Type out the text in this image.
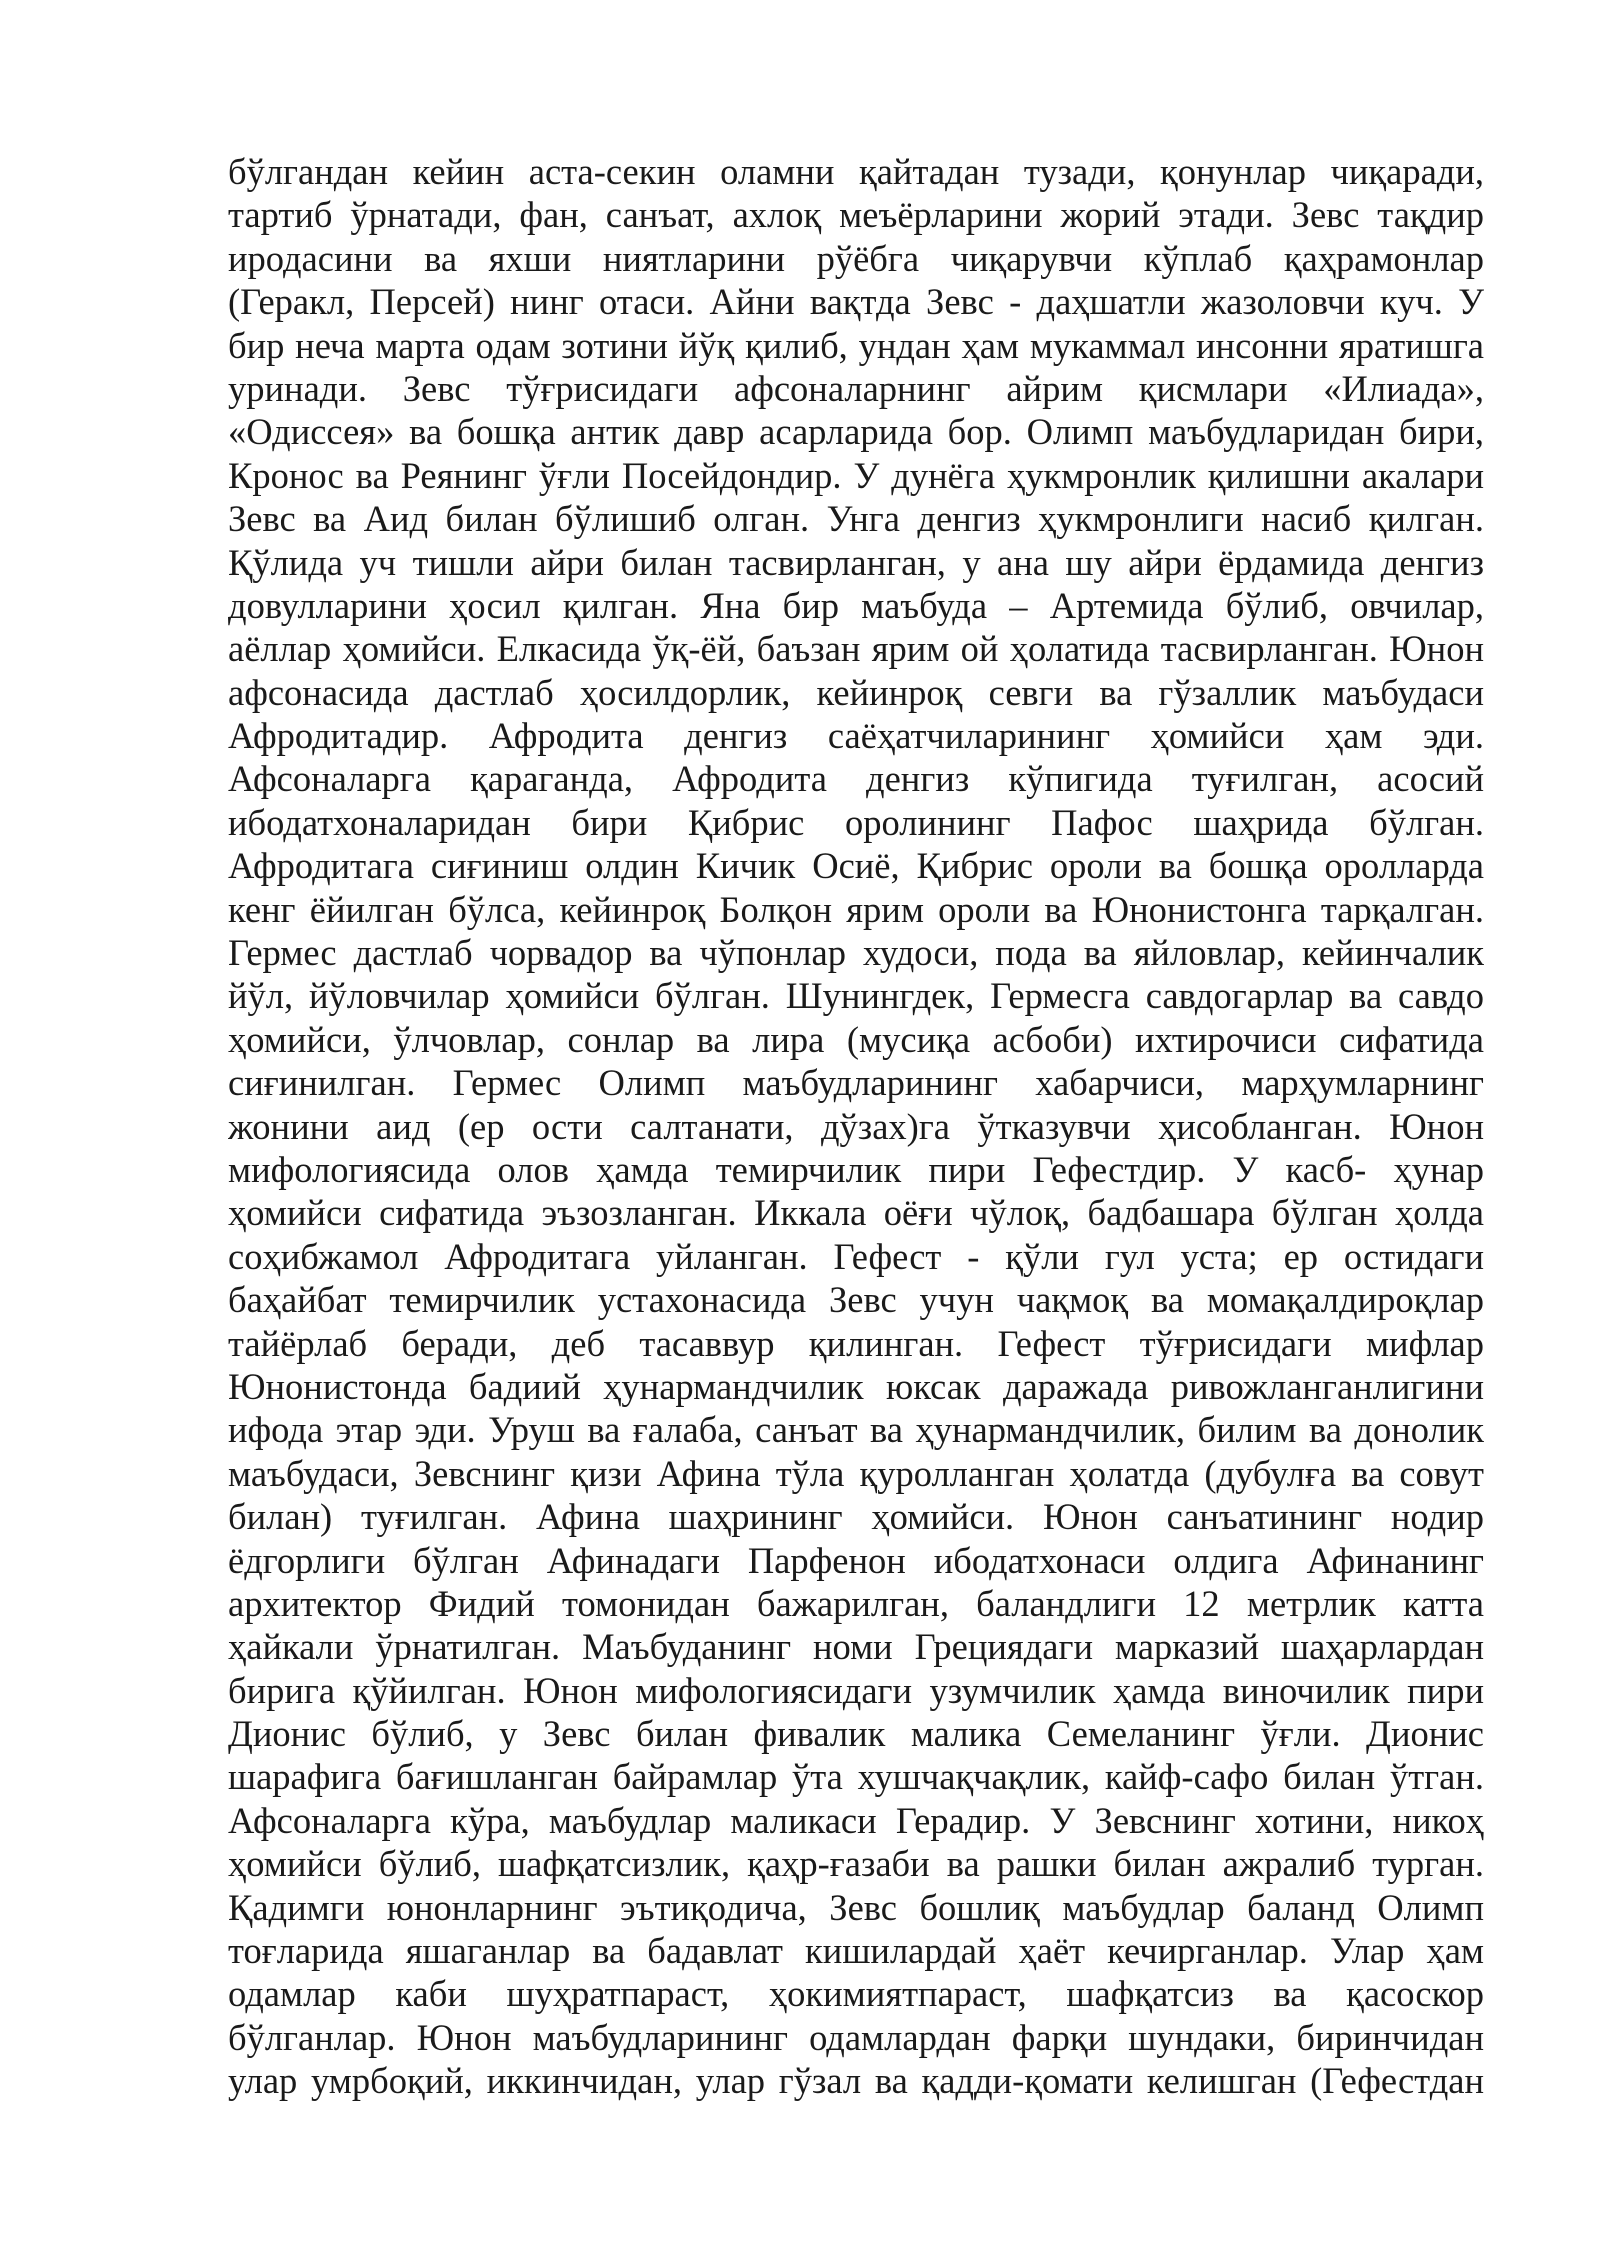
бўлгандан кейин аста-секин оламни қайтадан тузади, қонунлар чиқаради,
тартиб ўрнатади, фан, санъат, ахлоқ меъёрларини жорий этади. Зевс тақдир
иродасини ва яхши ниятларини рўёбга чиқарувчи кўплаб қаҳрамонлар
(Геракл, Персей) нинг отаси. Айни вақтда Зевс - даҳшатли жазоловчи куч. У
бир неча марта одам зотини йўқ қилиб, ундан ҳам мукаммал инсонни яратишга
уринади. Зевс тўғрисидаги афсоналарнинг айрим қисмлари «Илиада»,
«Одиссея» ва бошқа антик давр асарларида бор. Олимп маъбудларидан бири,
Кронос ва Реянинг ўғли Посейдондир. У дунёга ҳукмронлик қилишни акалари
Зевс ва Аид билан бўлишиб олган. Унга денгиз ҳукмронлиги насиб қилган.
Қўлида уч тишли айри билан тасвирланган, у ана шу айри ёрдамида денгиз
довулларини ҳосил қилган. Яна бир маъбуда – Артемида бўлиб, овчилар,
аёллар ҳомийси. Елкасида ўқ-ёй, баъзан ярим ой ҳолатида тасвирланган. Юнон
афсонасида дастлаб ҳосилдорлик, кейинроқ севги ва гўзаллик маъбудаси
Афродитадир. Афродита денгиз саёҳатчиларининг ҳомийси ҳам эди.
Афсоналарга қараганда, Афродита денгиз кўпигида туғилган, асосий
ибодатхоналаридан бири Қибрис оролининг Пафос шаҳрида бўлган.
Афродитага сиғиниш олдин Кичик Осиё, Қибрис ороли ва бошқа оролларда
кенг ёйилган бўлса, кейинроқ Болқон ярим ороли ва Юнонистонга тарқалган.
Гермес дастлаб чорвадор ва чўпонлар худоси, пода ва яйловлар, кейинчалик
йўл, йўловчилар ҳомийси бўлган. Шунингдек, Гермесга савдогарлар ва савдо
ҳомийси, ўлчовлар, сонлар ва лира (мусиқа асбоби) ихтирочиси сифатида
сиғинилган. Гермес Олимп маъбудларининг хабарчиси, марҳумларнинг
жонини аид (ер ости салтанати, дўзах)га ўтказувчи ҳисобланган. Юнон
мифологиясида олов ҳамда темирчилик пири Гефестдир. У касб- ҳунар
ҳомийси сифатида эъзозланган. Иккала оёғи чўлоқ, бадбашара бўлган ҳолда
соҳибжамол Афродитага уйланган. Гефест - қўли гул уста; ер остидаги
баҳайбат темирчилик устахонасида Зевс учун чақмоқ ва момақалдироқлар
тайёрлаб беради, деб тасаввур қилинган. Гефест тўғрисидаги мифлар
Юнонистонда бадиий ҳунармандчилик юксак даражада ривожланганлигини
ифода этар эди. Уруш ва ғалаба, санъат ва ҳунармандчилик, билим ва донолик
маъбудаси, Зевснинг қизи Афина тўла қуролланган ҳолатда (дубулға ва совут
билан) туғилган. Афина шаҳрининг ҳомийси. Юнон санъатининг нодир
ёдгорлиги бўлган Афинадаги Парфенон ибодатхонаси олдига Афинанинг
архитектор Фидий томонидан бажарилган, баландлиги 12 метрлик катта
ҳайкали ўрнатилган. Маъбуданинг номи Грециядаги марказий шаҳарлардан
бирига қўйилган. Юнон мифологиясидаги узумчилик ҳамда виночилик пири
Дионис бўлиб, у Зевс билан фивалик малика Семеланинг ўғли. Дионис
шарафига бағишланган байрамлар ўта хушчақчақлик, кайф-сафо билан ўтган.
Афсоналарга кўра, маъбудлар маликаси Герадир. У Зевснинг хотини, никоҳ
ҳомийси бўлиб, шафқатсизлик, қаҳр-ғазаби ва рашки билан ажралиб турган.
Қадимги юнонларнинг эътиқодича, Зевс бошлиқ маъбудлар баланд Олимп
тоғларида яшаганлар ва бадавлат кишилардай ҳаёт кечирганлар. Улар ҳам
одамлар каби шуҳратпараст, ҳокимиятпараст, шафқатсиз ва қасоскор
бўлганлар. Юнон маъбудларининг одамлардан фарқи шундаки, биринчидан
улар умрбоқий, иккинчидан, улар гўзал ва қадди-қомати келишган (Гефестдан
